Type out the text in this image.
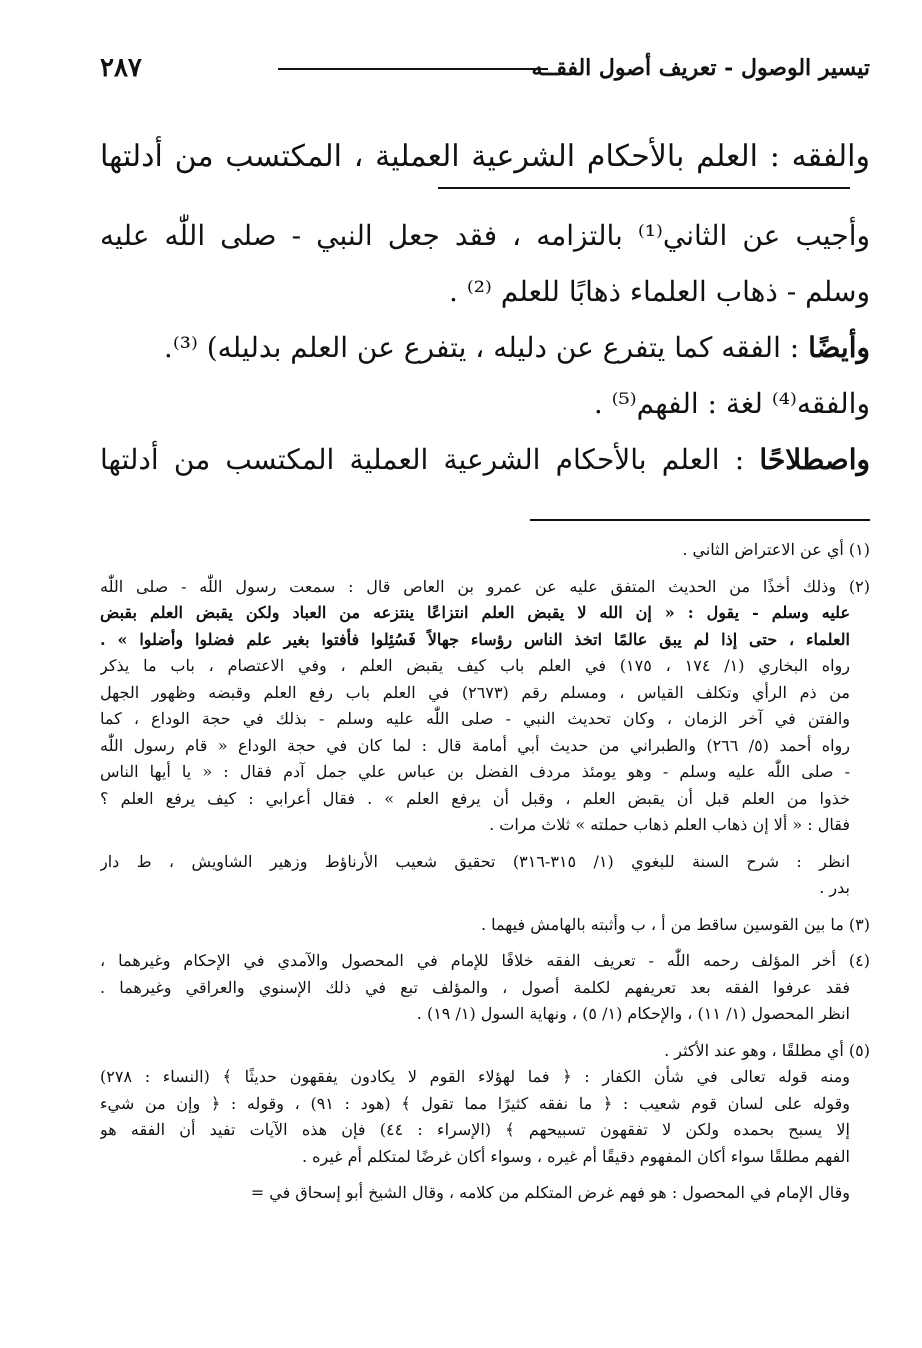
٢٨٧	تيسير الوصول - تعريف أصول الفقــه
والفقه : العلم بالأحكام الشرعية العملية ، المكتسب من أدلتها

وأجيب عن الثاني⁽¹⁾ بالتزامه ، فقد جعل النبي - صلى اللّٰه عليه

وسلم - ذهاب العلماء ذهابًا للعلم ⁽²⁾ .

وأيضًا : الفقه كما يتفرع عن دليله ، يتفرع عن العلم بدليله) ⁽³⁾.

والفقه⁽⁴⁾ لغة : الفهم⁽⁵⁾ .

واصطلاحًا : العلم بالأحكام الشرعية العملية المكتسب من أدلتها

(١) أي عن الاعتراض الثاني .
(٢) وذلك أخذًا من الحديث المتفق عليه عن عمرو بن العاص قال : سمعت رسول اللّٰه - صلى اللّٰه
عليه وسلم - يقول : « إن الله لا يقبض العلم انتزاعًا ينتزعه من العباد ولكن يقبض العلم بقبض
العلماء ، حتى إذا لم يبق عالمًا اتخذ الناس رؤساء جهالاً فَسُئِلوا فأفتوا بغير علم فضلوا وأضلوا » .
رواه البخاري (١/ ١٧٤ ، ١٧٥) في العلم باب كيف يقبض العلم ، وفي الاعتصام ، باب ما يذكر
من ذم الرأي وتكلف القياس ، ومسلم رقم (٢٦٧٣) في العلم باب رفع العلم وقبضه وظهور الجهل
والفتن في آخر الزمان ، وكان تحديث النبي - صلى اللّٰه عليه وسلم - بذلك في حجة الوداع ، كما
رواه أحمد (٥/ ٢٦٦) والطبراني من حديث أبي أمامة قال : لما كان في حجة الوداع « قام رسول اللّٰه
- صلى اللّٰه عليه وسلم - وهو يومئذ مردف الفضل بن عباس علي جمل آدم فقال : « يا أيها الناس
خذوا من العلم قبل أن يقبض العلم ، وقبل أن يرفع العلم » . فقال أعرابي : كيف يرفع العلم ؟
فقال : « ألا إن ذهاب العلم ذهاب حملته » ثلاث مرات .
انظر : شرح السنة للبغوي (١/ ٣١٥-٣١٦) تحقيق شعيب الأرناؤط وزهير الشاويش ، ط دار
بدر .
(٣) ما بين القوسين ساقط من أ ، ب وأثبته بالهامش فيهما .
(٤) أخر المؤلف رحمه اللّٰه - تعريف الفقه خلافًا للإمام في المحصول والآمدي في الإحكام وغيرهما ،
فقد عرفوا الفقه بعد تعريفهم لكلمة أصول ، والمؤلف تبع في ذلك الإسنوي والعراقي وغيرهما .
انظر المحصول (١/ ١١) ، والإحكام (١/ ٥) ، ونهاية السول (١/ ١٩) .
(٥) أي مطلقًا ، وهو عند الأكثر .
ومنه قوله تعالى في شأن الكفار : ﴿ فما لهؤلاء القوم لا يكادون يفقهون حديثًا ﴾ (النساء : ٢٧٨)
وقوله على لسان قوم شعيب : ﴿ ما نفقه كثيرًا مما تقول ﴾ (هود : ٩١) ، وقوله : ﴿ وإن من شيء
إلا يسبح بحمده ولكن لا تفقهون تسبيحهم ﴾ (الإسراء : ٤٤) فإن هذه الآيات تفيد أن الفقه هو
الفهم مطلقًا سواء أكان المفهوم دقيقًا أم غيره ، وسواء أكان غرضًا لمتكلم أم غيره .
وقال الإمام في المحصول : هو فهم غرض المتكلم من كلامه ، وقال الشيخ أبو إسحاق في =
